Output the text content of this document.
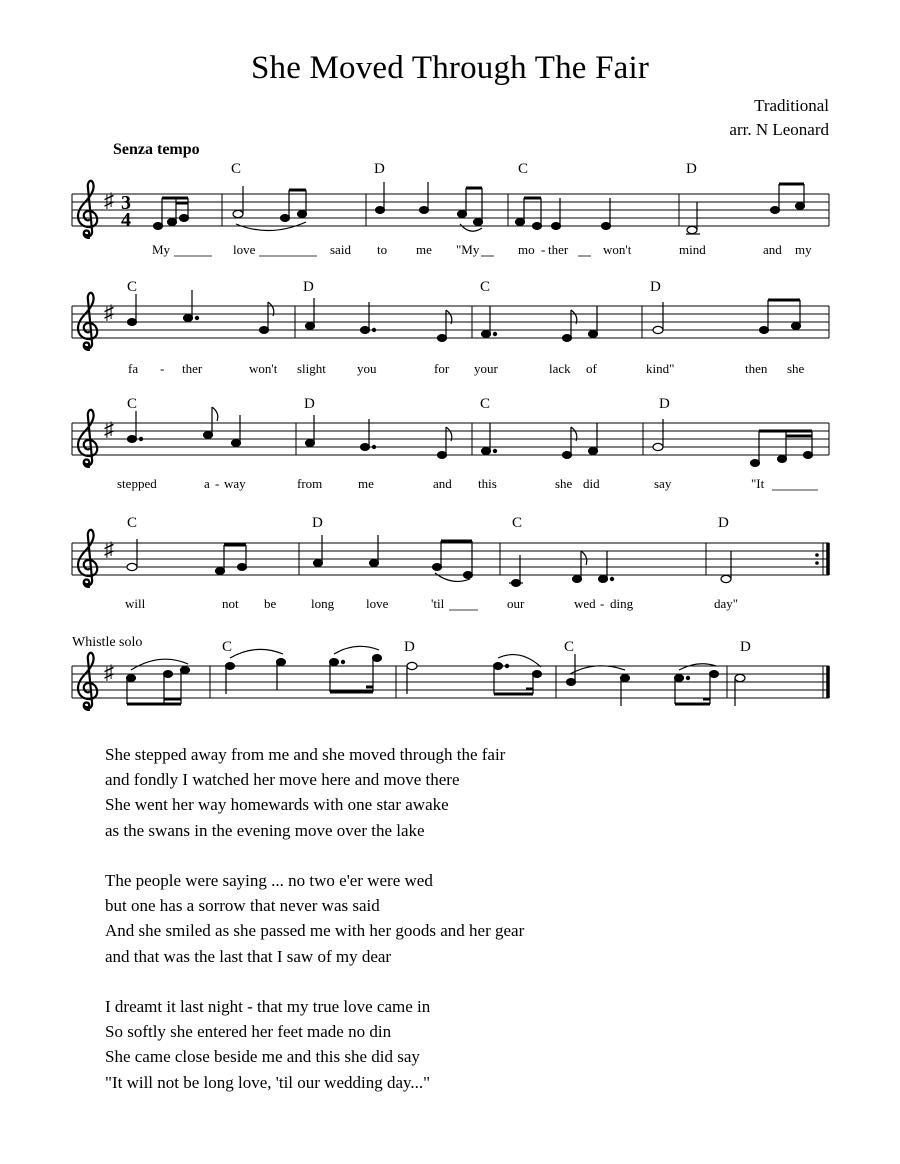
She Moved Through The Fair
Traditional
arr. N Leonard
Senza tempo
Whistle solo
♯ 3
4
C	D	C	D
My	love	said to me "My	mo - ther	won't	mind	and my
♯
C	D	C	D
fa - ther	won't slight you	for your	lack of	kind"	then she
♯
C	D	C	D
stepped	a - way	from	me	and this	she did	say	"It
♯
C	D	C	D
will	not be	long love	'til	our	wed - ding	day"
♯
C	D	C	D
She stepped away from me and she moved through the fair
and fondly I watched her move here and move there
She went her way homewards with one star awake
as the swans in the evening move over the lake
The people were saying ... no two e'er were wed
but one has a sorrow that never was said
And she smiled as she passed me with her goods and her gear
and that was the last that I saw of my dear
I dreamt it last night - that my true love came in
So softly she entered her feet made no din
She came close beside me and this she did say
"It will not be long love, 'til our wedding day..."
